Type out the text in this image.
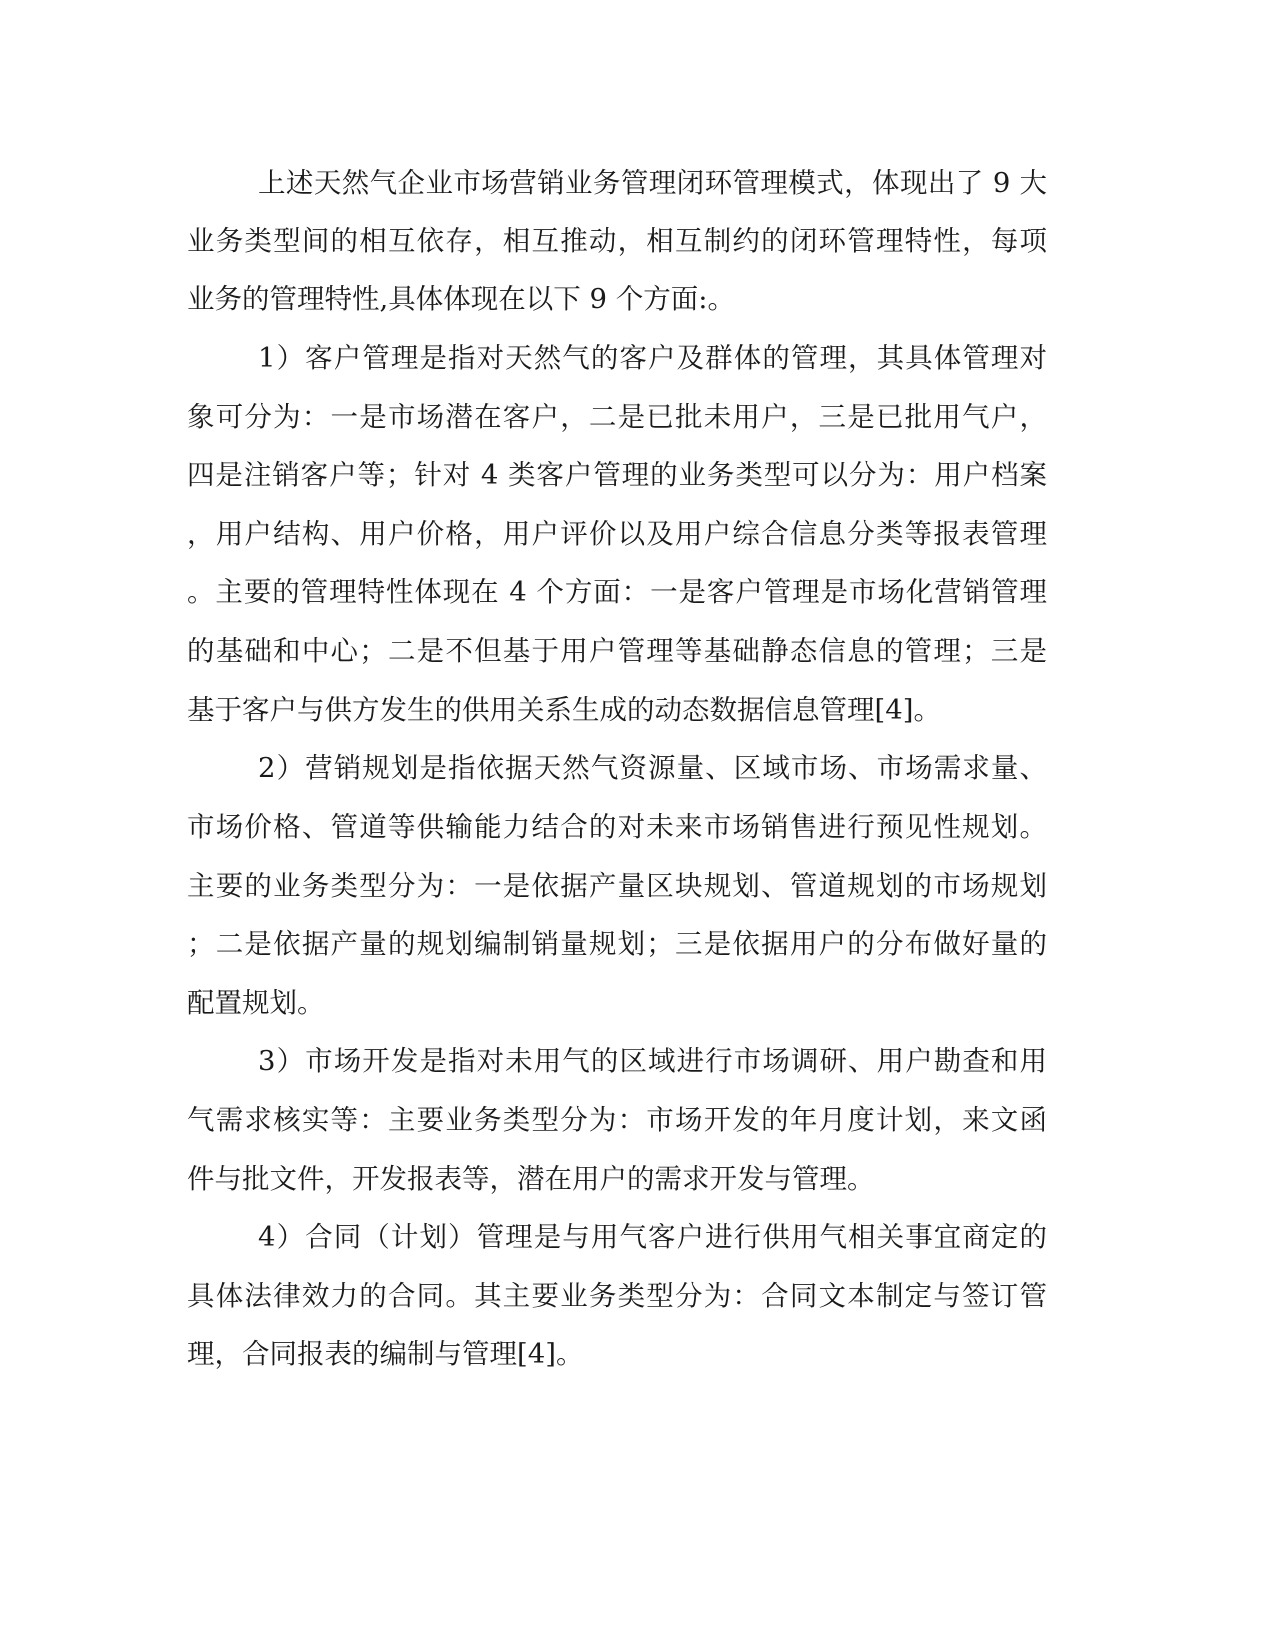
上述天然气企业市场营销业务管理闭环管理模式，体现出了 9 大
业务类型间的相互依存，相互推动，相互制约的闭环管理特性，每项
业务的管理特性,具体体现在以下 9 个方面:。
1）客户管理是指对天然气的客户及群体的管理，其具体管理对
象可分为：一是市场潜在客户，二是已批未用户，三是已批用气户，
四是注销客户等；针对 4 类客户管理的业务类型可以分为：用户档案
，用户结构、用户价格，用户评价以及用户综合信息分类等报表管理
。主要的管理特性体现在 4 个方面：一是客户管理是市场化营销管理
的基础和中心；二是不但基于用户管理等基础静态信息的管理；三是
基于客户与供方发生的供用关系生成的动态数据信息管理[4]。
2）营销规划是指依据天然气资源量、区域市场、市场需求量、
市场价格、管道等供输能力结合的对未来市场销售进行预见性规划。
主要的业务类型分为：一是依据产量区块规划、管道规划的市场规划
；二是依据产量的规划编制销量规划；三是依据用户的分布做好量的
配置规划。
3）市场开发是指对未用气的区域进行市场调研、用户勘查和用
气需求核实等：主要业务类型分为：市场开发的年月度计划，来文函
件与批文件，开发报表等，潜在用户的需求开发与管理。
4）合同（计划）管理是与用气客户进行供用气相关事宜商定的
具体法律效力的合同。其主要业务类型分为：合同文本制定与签订管
理，合同报表的编制与管理[4]。
